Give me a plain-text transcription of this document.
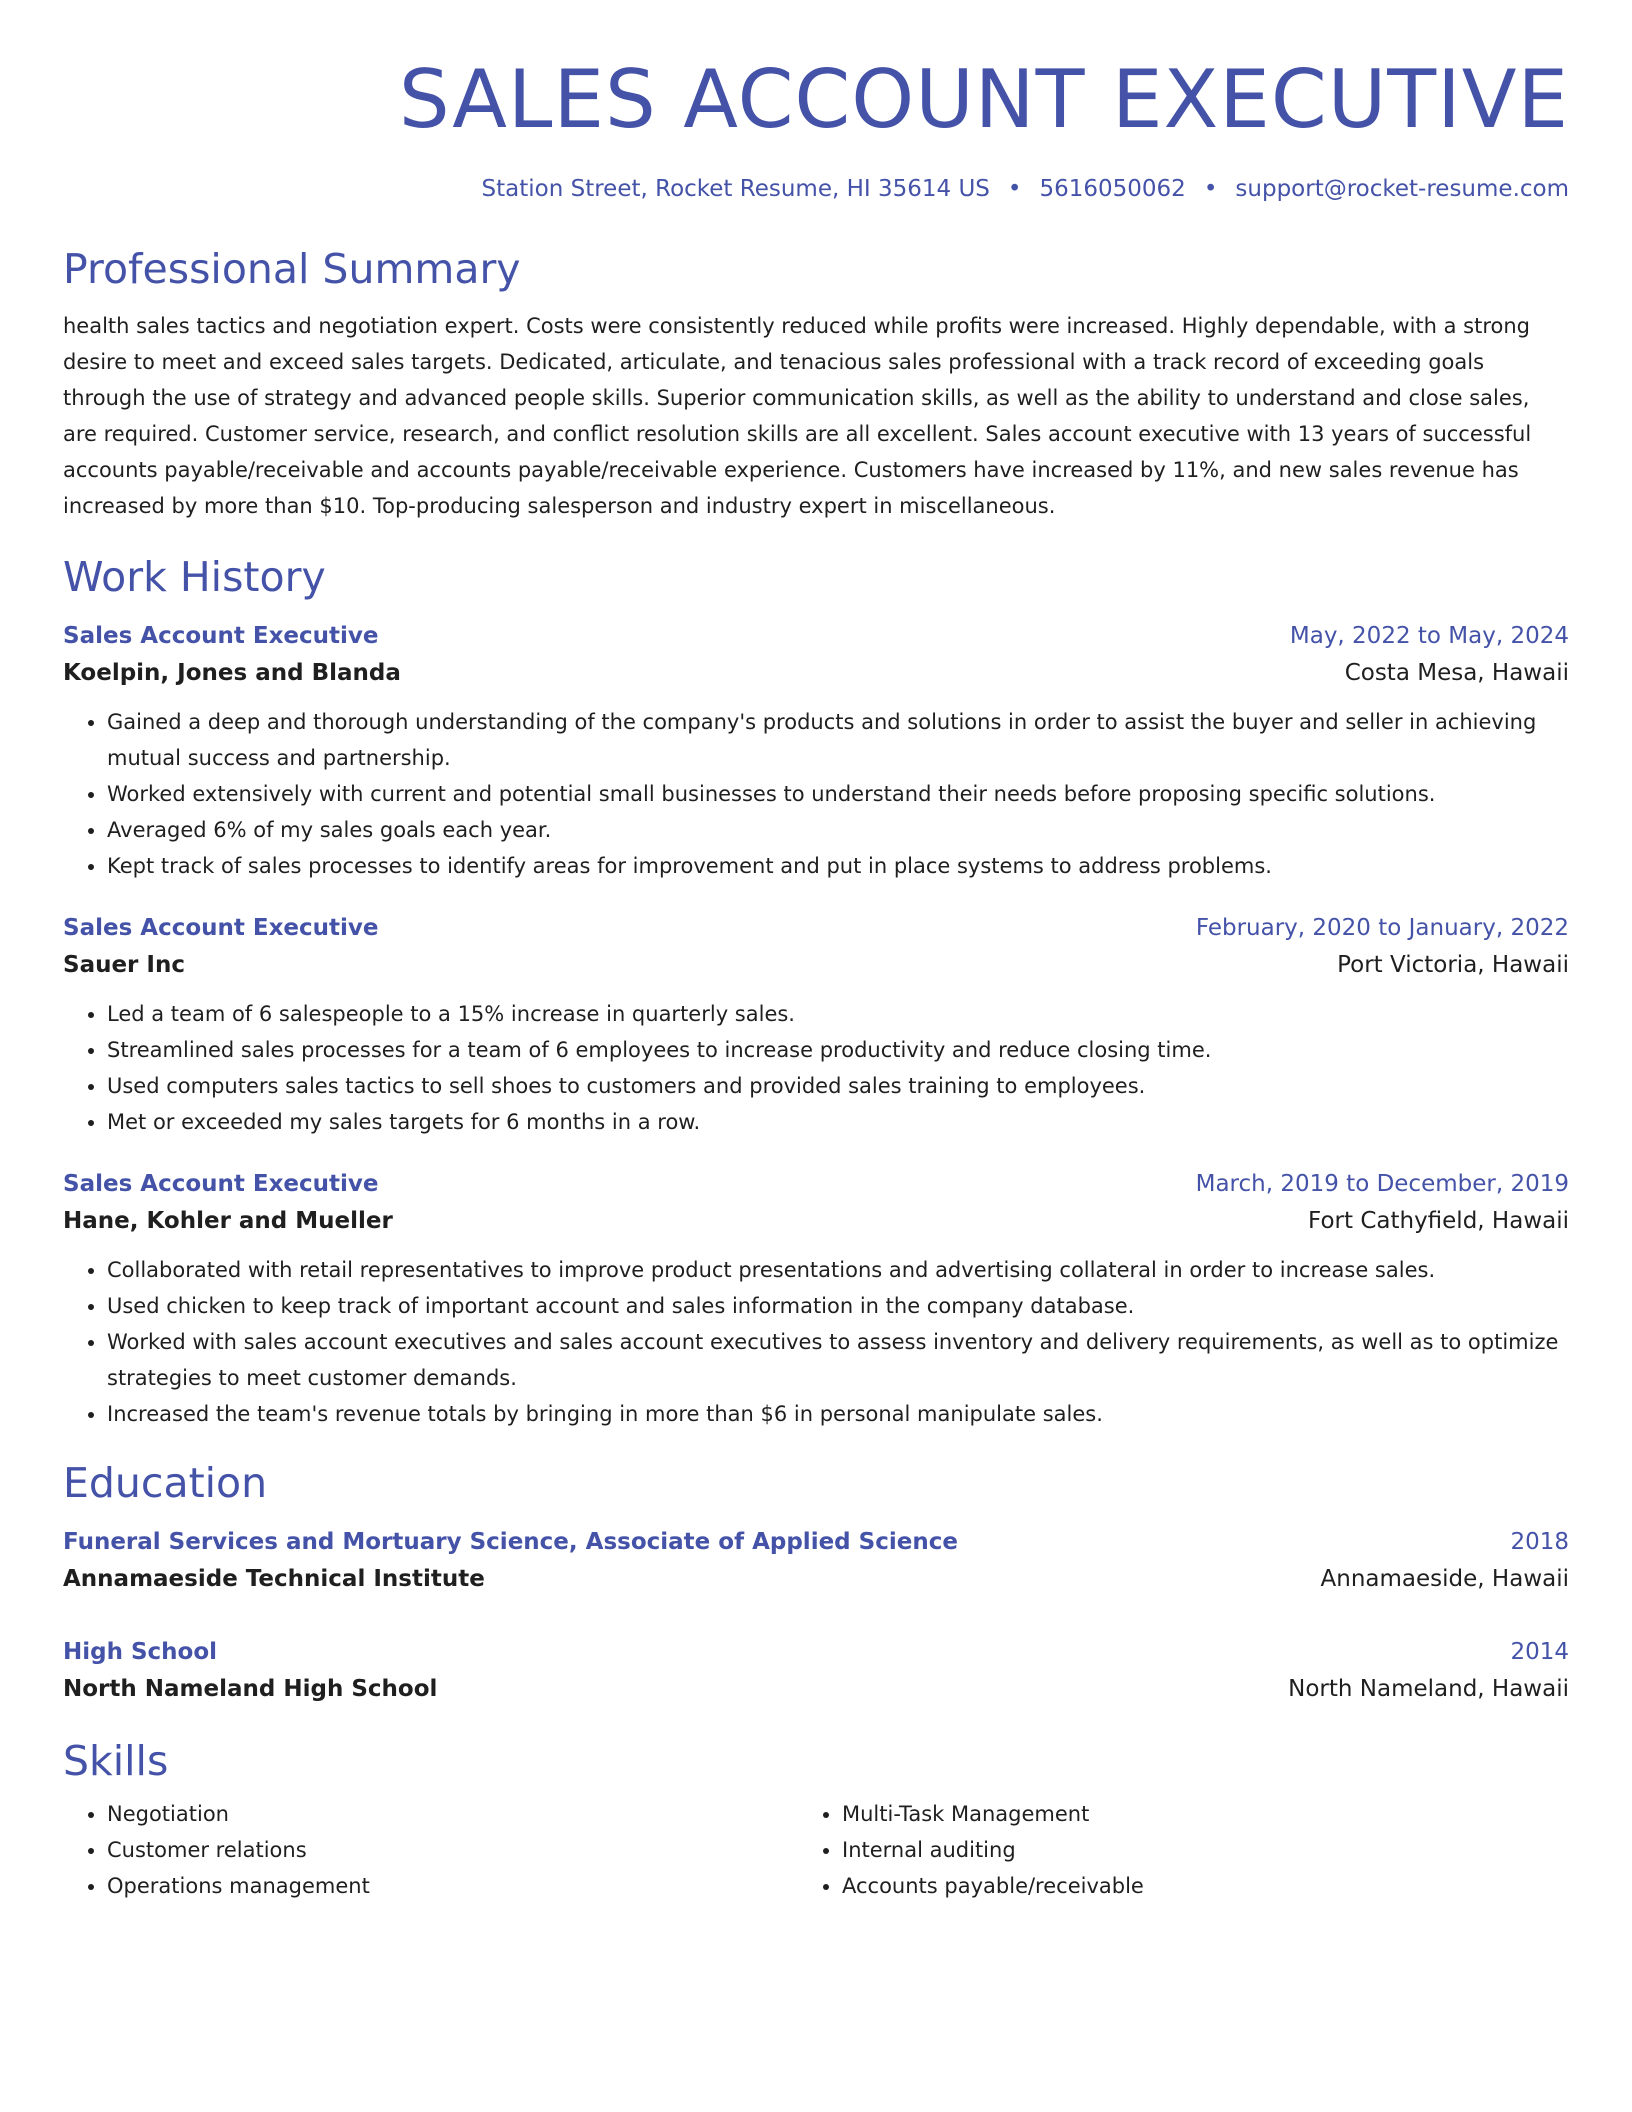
SALES ACCOUNT EXECUTIVE
Station Street, Rocket Resume, HI 35614 US • 5616050062 • support@rocket-resume.com
Professional Summary
health sales tactics and negotiation expert. Costs were consistently reduced while profits were increased. Highly dependable, with a strong desire to meet and exceed sales targets. Dedicated, articulate, and tenacious sales professional with a track record of exceeding goals through the use of strategy and advanced people skills. Superior communication skills, as well as the ability to understand and close sales, are required. Customer service, research, and conflict resolution skills are all excellent. Sales account executive with 13 years of successful accounts payable/receivable and accounts payable/receivable experience. Customers have increased by 11%, and new sales revenue has increased by more than $10. Top-producing salesperson and industry expert in miscellaneous.
Work History
Sales Account Executive	May, 2022 to May, 2024
Koelpin, Jones and Blanda	Costa Mesa, Hawaii
• Gained a deep and thorough understanding of the company's products and solutions in order to assist the buyer and seller in achieving mutual success and partnership.
• Worked extensively with current and potential small businesses to understand their needs before proposing specific solutions.
• Averaged 6% of my sales goals each year.
• Kept track of sales processes to identify areas for improvement and put in place systems to address problems.
Sales Account Executive	February, 2020 to January, 2022
Sauer Inc	Port Victoria, Hawaii
• Led a team of 6 salespeople to a 15% increase in quarterly sales.
• Streamlined sales processes for a team of 6 employees to increase productivity and reduce closing time.
• Used computers sales tactics to sell shoes to customers and provided sales training to employees.
• Met or exceeded my sales targets for 6 months in a row.
Sales Account Executive	March, 2019 to December, 2019
Hane, Kohler and Mueller	Fort Cathyfield, Hawaii
• Collaborated with retail representatives to improve product presentations and advertising collateral in order to increase sales.
• Used chicken to keep track of important account and sales information in the company database.
• Worked with sales account executives and sales account executives to assess inventory and delivery requirements, as well as to optimize strategies to meet customer demands.
• Increased the team's revenue totals by bringing in more than $6 in personal manipulate sales.
Education
Funeral Services and Mortuary Science, Associate of Applied Science	2018
Annamaeside Technical Institute	Annamaeside, Hawaii
High School	2014
North Nameland High School	North Nameland, Hawaii
Skills
• Negotiation
• Customer relations
• Operations management
• Multi-Task Management
• Internal auditing
• Accounts payable/receivable
